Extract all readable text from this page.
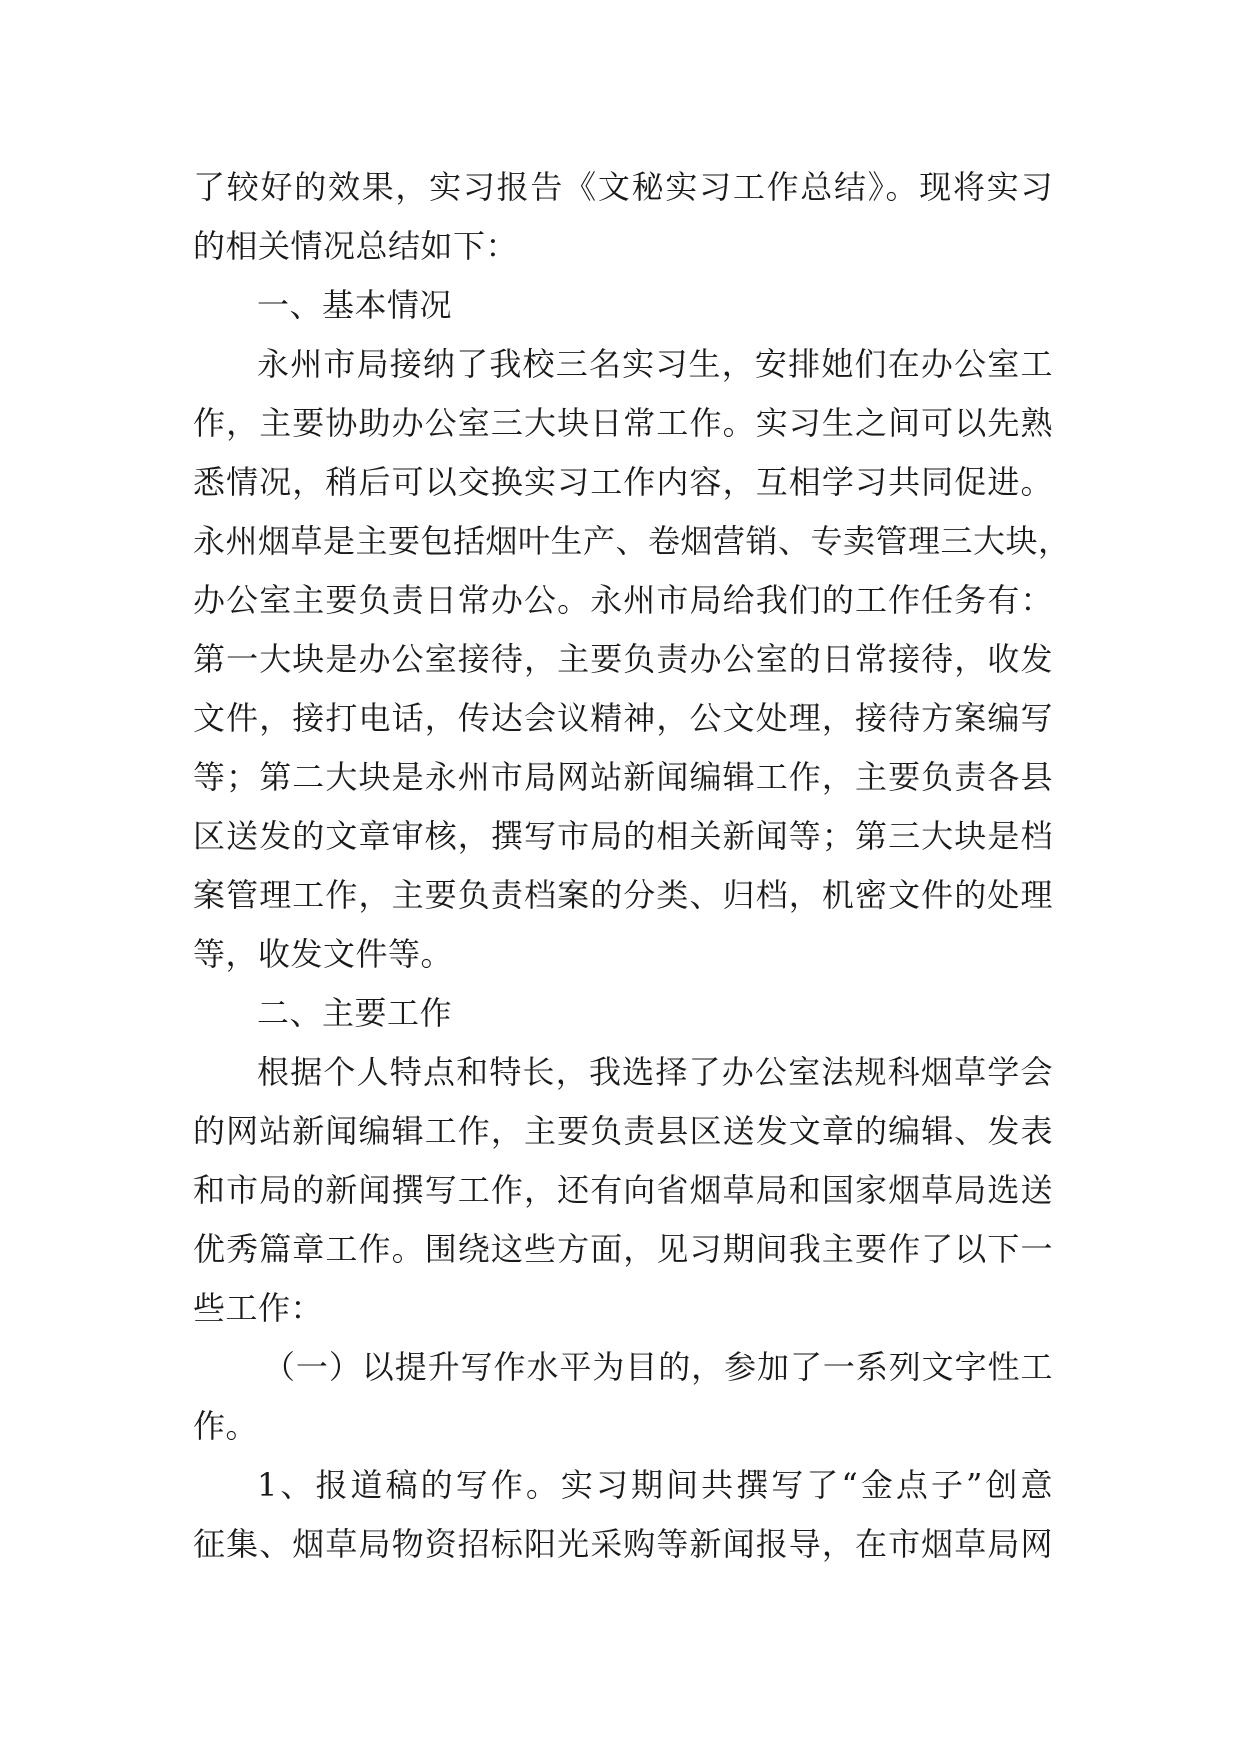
了较好的效果，实习报告《文秘实习工作总结》。现将实习
的相关情况总结如下：
一、基本情况
永州市局接纳了我校三名实习生，安排她们在办公室工
作，主要协助办公室三大块日常工作。实习生之间可以先熟
悉情况，稍后可以交换实习工作内容，互相学习共同促进。
永州烟草是主要包括烟叶生产、卷烟营销、专卖管理三大块，
办公室主要负责日常办公。永州市局给我们的工作任务有：
第一大块是办公室接待，主要负责办公室的日常接待，收发
文件，接打电话，传达会议精神，公文处理，接待方案编写
等；第二大块是永州市局网站新闻编辑工作，主要负责各县
区送发的文章审核，撰写市局的相关新闻等；第三大块是档
案管理工作，主要负责档案的分类、归档，机密文件的处理
等，收发文件等。
二、主要工作
根据个人特点和特长，我选择了办公室法规科烟草学会
的网站新闻编辑工作，主要负责县区送发文章的编辑、发表
和市局的新闻撰写工作，还有向省烟草局和国家烟草局选送
优秀篇章工作。围绕这些方面，见习期间我主要作了以下一
些工作：
（一）以提升写作水平为目的，参加了一系列文字性工
作。
1、报道稿的写作。实习期间共撰写了“金点子”创意
征集、烟草局物资招标阳光采购等新闻报导，在市烟草局网
